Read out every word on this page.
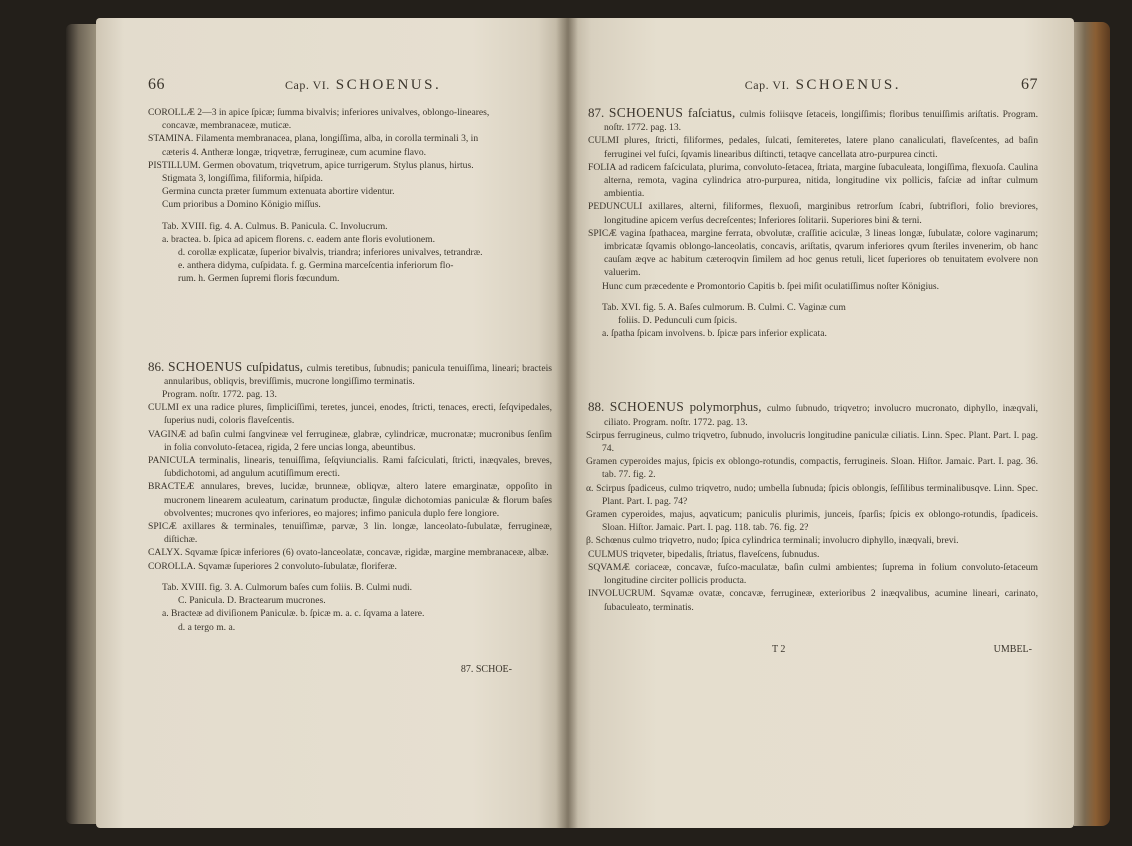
66	Cap. VI. SCHOENUS.

COROLLÆ 2—3 in apice ſpicæ; ſumma bivalvis; inferiores univalves, oblongo-lineares,

concavæ, membranaceæ, muticæ.

STAMINA. Filamenta membranacea, plana, longiſſima, alba, in corolla terminali 3, in

cæteris 4. Antheræ longæ, triqvetræ, ferrugineæ, cum acumine flavo.

PISTILLUM. Germen obovatum, triqvetrum, apice turrigerum. Stylus planus, hirtus.

Stigmata 3, longiſſima, filiformia, hiſpida.

Germina cuncta præter ſummum extenuata abortire videntur.

Cum prioribus a Domino Königio miſſus.

Tab. XVIII. fig. 4. A. Culmus. B. Panicula. C. Involucrum.

a. bractea. b. ſpica ad apicem florens. c. eadem ante floris evolutionem.

d. corollæ explicatæ, ſuperior bivalvis, triandra; inferiores univalves, tetrandræ.

e. anthera didyma, cuſpidata. f. g. Germina marceſcentia inferiorum flo-

rum. h. Germen ſupremi floris fœcundum.

86. SCHOENUS cuſpidatus, culmis teretibus, ſubnudis; panicula tenuiſſima, lineari; bracteis annularibus, obliqvis, breviſſimis, mucrone longiſſimo terminatis.

Program. noſtr. 1772. pag. 13.

CULMI ex una radice plures, ſimpliciſſimi, teretes, juncei, enodes, ſtricti, tenaces, erecti, ſeſqvipedales, ſuperius nudi, coloris flaveſcentis.

VAGINÆ ad baſin culmi ſangvineæ vel ferrugineæ, glabræ, cylindricæ, mucronatæ; mucronibus ſenſim in folia convoluto-ſetacea, rigida, 2 fere uncias longa, abeuntibus.

PANICULA terminalis, linearis, tenuiſſima, ſeſqviuncialis. Rami faſciculati, ſtricti, inæqvales, breves, ſubdichotomi, ad angulum acutiſſimum erecti.

BRACTEÆ annulares, breves, lucidæ, brunneæ, obliqvæ, altero latere emarginatæ, oppoſito in mucronem linearem aculeatum, carinatum productæ, ſingulæ dichotomias paniculæ & florum baſes obvolventes; mucrones qvo inferiores, eo majores; infimo panicula duplo fere longiore.

SPICÆ axillares & terminales, tenuiſſimæ, parvæ, 3 lin. longæ, lanceolato-ſubulatæ, ferrugineæ, diſtichæ.

CALYX. Sqvamæ ſpicæ inferiores (6) ovato-lanceolatæ, concavæ, rigidæ, margine membranaceæ, albæ.

COROLLA. Sqvamæ ſuperiores 2 convoluto-ſubulatæ, floriferæ.

Tab. XVIII. fig. 3. A. Culmorum baſes cum foliis. B. Culmi nudi.

C. Panicula. D. Bractearum mucrones.

a. Bracteæ ad diviſionem Paniculæ. b. ſpicæ m. a. c. ſqvama a latere.

d. a tergo m. a.

87. SCHOE-
Cap. VI. SCHOENUS.	67

87. SCHOENUS faſciatus, culmis foliisqve ſetaceis, longiſſimis; floribus tenuiſſimis ariſtatis. Program. noſtr. 1772. pag. 13.

CULMI plures, ſtricti, filiformes, pedales, ſulcati, ſemiteretes, latere plano canaliculati, flaveſcentes, ad baſin ferruginei vel fuſci, ſqvamis linearibus diſtincti, tetaqve cancellata atro-purpurea cincti.

FOLIA ad radicem faſciculata, plurima, convoluto-ſetacea, ſtriata, margine ſubaculeata, longiſſima, flexuoſa. Caulina alterna, remota, vagina cylindrica atro-purpurea, nitida, longitudine vix pollicis, faſciæ ad inſtar culmum ambientia.

PEDUNCULI axillares, alterni, filiformes, flexuoſi, marginibus retrorſum ſcabri, ſubtriflori, folio breviores, longitudine apicem verſus decreſcentes; Inferiores ſolitarii. Superiores bini & terni.

SPICÆ vagina ſpathacea, margine ferrata, obvolutæ, craſſitie aciculæ, 3 lineas longæ, ſubulatæ, colore vaginarum; imbricatæ ſqvamis oblongo-lanceolatis, concavis, ariſtatis, qvarum inferiores qvum ſteriles invenerim, ob hanc cauſam æqve ac habitum cæteroqvin ſimilem ad hoc genus retuli, licet ſuperiores ob tenuitatem evolvere non valuerim.

Hunc cum præcedente e Promontorio Capitis b. ſpei miſit oculatiſſimus noſter Königius.

Tab. XVI. fig. 5. A. Baſes culmorum. B. Culmi. C. Vaginæ cum

foliis. D. Pedunculi cum ſpicis.

a. ſpatha ſpicam involvens. b. ſpicæ pars inferior explicata.

88. SCHOENUS polymorphus, culmo ſubnudo, triqvetro; involucro mucronato, diphyllo, inæqvali, ciliato. Program. noſtr. 1772. pag. 13.

Scirpus ferrugineus, culmo triqvetro, ſubnudo, involucris longitudine paniculæ ciliatis. Linn. Spec. Plant. Part. I. pag. 74.

Gramen cyperoides majus, ſpicis ex oblongo-rotundis, compactis, ferrugineis. Sloan. Hiſtor. Jamaic. Part. I. pag. 36. tab. 77. fig. 2.

α. Scirpus ſpadiceus, culmo triqvetro, nudo; umbella ſubnuda; ſpicis oblongis, ſeſſilibus terminalibusqve. Linn. Spec. Plant. Part. I. pag. 74?

Gramen cyperoides, majus, aqvaticum; paniculis plurimis, junceis, ſparſis; ſpicis ex oblongo-rotundis, ſpadiceis. Sloan. Hiſtor. Jamaic. Part. I. pag. 118. tab. 76. fig. 2?

β. Schœnus culmo triqvetro, nudo; ſpica cylindrica terminali; involucro diphyllo, inæqvali, brevi.

CULMUS triqveter, bipedalis, ſtriatus, flaveſcens, ſubnudus.

SQVAMÆ coriaceæ, concavæ, fuſco-maculatæ, baſin culmi ambientes; ſuprema in folium convoluto-ſetaceum longitudine circiter pollicis producta.

INVOLUCRUM. Sqvamæ ovatæ, concavæ, ferrugineæ, exterioribus 2 inæqvalibus, acumine lineari, carinato, ſubaculeato, terminatis.

T 2	UMBEL-
